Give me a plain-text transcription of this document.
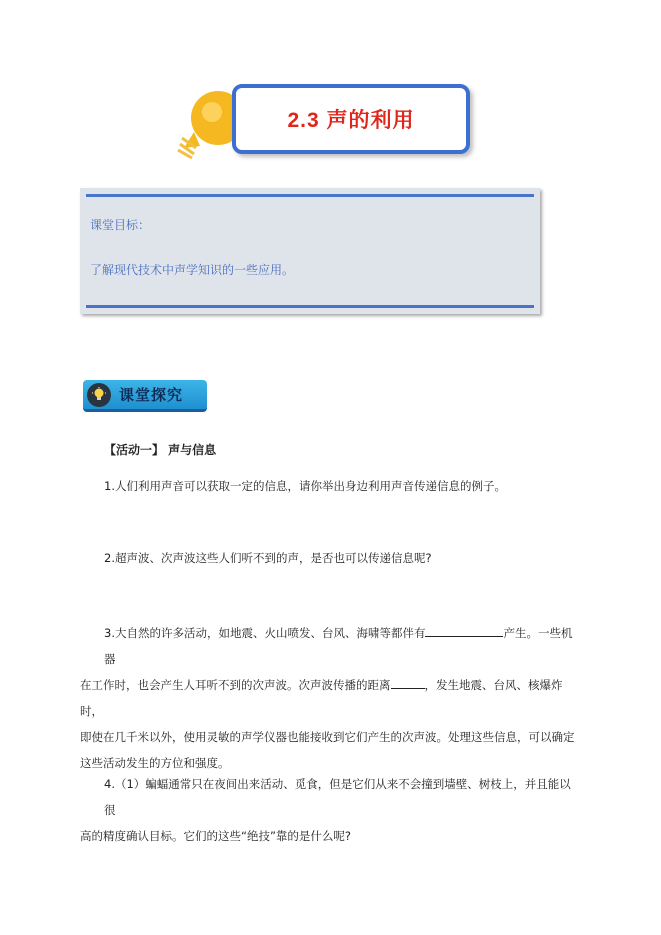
2.3 声的利用
课堂目标：
了解现代技术中声学知识的一些应用。
课堂探究
【活动一】 声与信息
1.人们利用声音可以获取一定的信息，请你举出身边利用声音传递信息的例子。
2.超声波、次声波这些人们听不到的声，是否也可以传递信息呢?
3.大自然的许多活动，如地震、火山喷发、台风、海啸等都伴有	产生。一些机器
在工作时，也会产生人耳听不到的次声波。次声波传播的距离	，发生地震、台风、核爆炸时，
即使在几千米以外，使用灵敏的声学仪器也能接收到它们产生的次声波。处理这些信息，可以确定
这些活动发生的方位和强度。
4.（1）蝙蝠通常只在夜间出来活动、觅食，但是它们从来不会撞到墙壁、树枝上，并且能以很
高的精度确认目标。它们的这些“绝技”靠的是什么呢?
